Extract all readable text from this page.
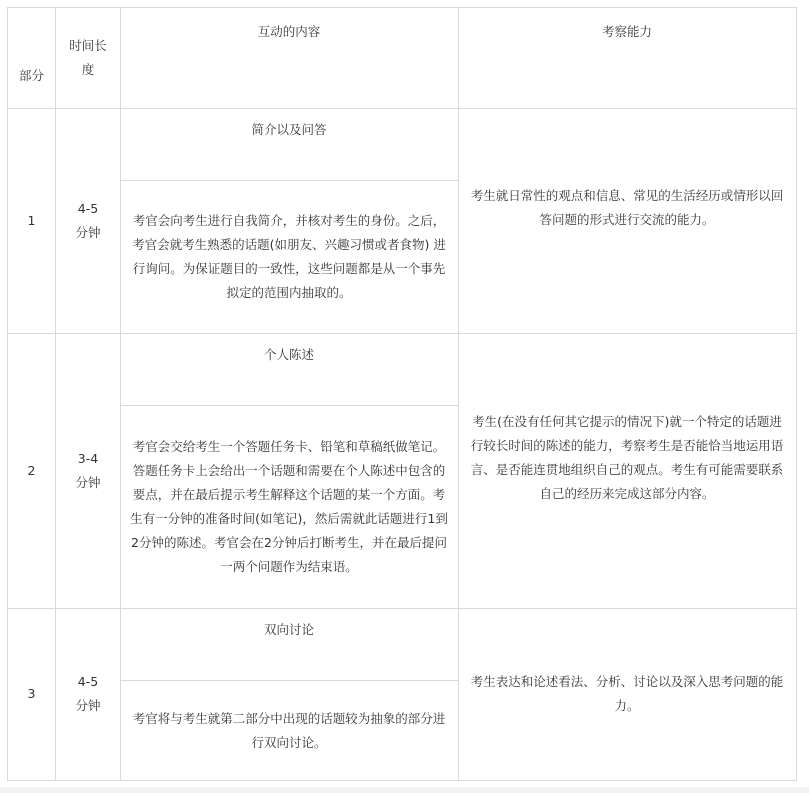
部分
时间长度
互动的内容	考察能力
1
4-5
分钟
简介以及问答
考官会向考生进行自我简介，并核对考生的身份。之后，考官会就考生熟悉的话题(如朋友、兴趣习惯或者食物) 进行询问。为保证题目的一致性，这些问题都是从一个事先拟定的范围内抽取的。
考生就日常性的观点和信息、常见的生活经历或情形以回答问题的形式进行交流的能力。
2
3-4
分钟
个人陈述
考官会交给考生一个答题任务卡、铅笔和草稿纸做笔记。答题任务卡上会给出一个话题和需要在个人陈述中包含的要点，并在最后提示考生解释这个话题的某一个方面。考生有一分钟的准备时间(如笔记)，然后需就此话题进行1到2分钟的陈述。考官会在2分钟后打断考生，并在最后提问一两个问题作为结束语。
考生(在没有任何其它提示的情况下)就一个特定的话题进行较长时间的陈述的能力，考察考生是否能恰当地运用语言、是否能连贯地组织自己的观点。考生有可能需要联系自己的经历来完成这部分内容。
3
4-5
分钟
双向讨论
考官将与考生就第二部分中出现的话题较为抽象的部分进行双向讨论。
考生表达和论述看法、分析、讨论以及深入思考问题的能力。
